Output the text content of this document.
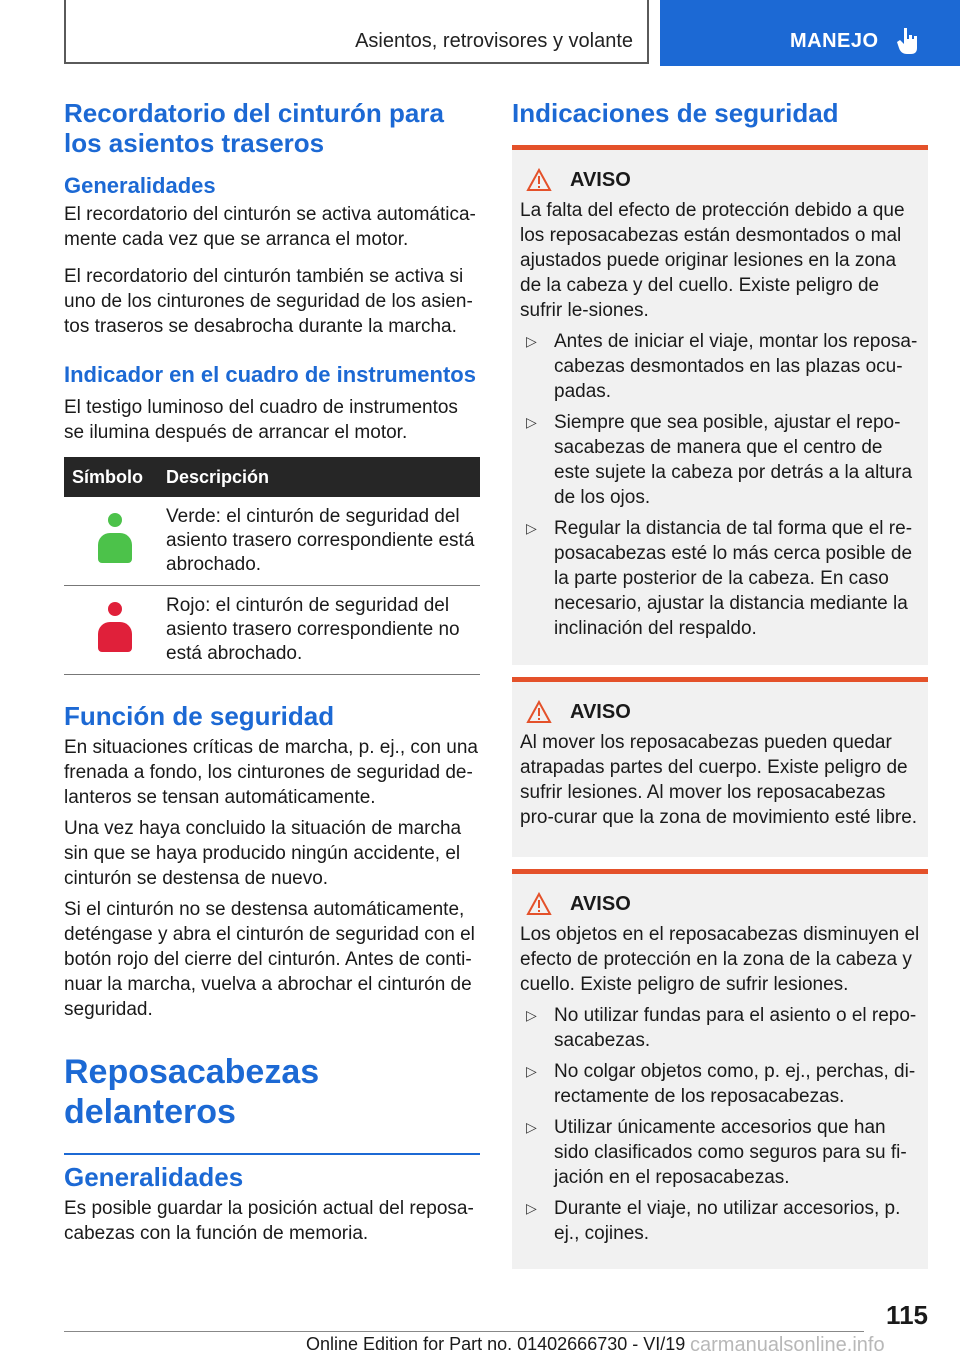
Asientos, retrovisores y volante	MANEJO
Recordatorio del cinturón para los asientos traseros
Generalidades

El recordatorio del cinturón se activa automática-mente cada vez que se arranca el motor.

El recordatorio del cinturón también se activa si uno de los cinturones de seguridad de los asien-tos traseros se desabrocha durante la marcha.

Indicador en el cuadro de instrumentos

El testigo luminoso del cuadro de instrumentos se ilumina después de arrancar el motor.

Símbolo	Descripción

	Verde: el cinturón de seguridad del asiento trasero correspondiente está abrochado.

	Rojo: el cinturón de seguridad del asiento trasero correspondiente no está abrochado.
Función de seguridad

En situaciones críticas de marcha, p. ej., con una frenada a fondo, los cinturones de seguridad de-lanteros se tensan automáticamente.

Una vez haya concluido la situación de marcha sin que se haya producido ningún accidente, el cinturón se destensa de nuevo.

Si el cinturón no se destensa automáticamente, deténgase y abra el cinturón de seguridad con el botón rojo del cierre del cinturón. Antes de conti-nuar la marcha, vuelva a abrochar el cinturón de seguridad.

Reposacabezas delanteros
Generalidades

Es posible guardar la posición actual del reposa-cabezas con la función de memoria.

Indicaciones de seguridad
AVISO

La falta del efecto de protección debido a que los reposacabezas están desmontados o mal ajustados puede originar lesiones en la zona de la cabeza y del cuello. Existe peligro de sufrir le-siones.

▷ Antes de iniciar el viaje, montar los reposa-cabezas desmontados en las plazas ocu-padas.
▷ Siempre que sea posible, ajustar el repo-sacabezas de manera que el centro de este sujete la cabeza por detrás a la altura de los ojos.
▷ Regular la distancia de tal forma que el re-posacabezas esté lo más cerca posible de la parte posterior de la cabeza. En caso necesario, ajustar la distancia mediante la inclinación del respaldo.
AVISO

Al mover los reposacabezas pueden quedar atrapadas partes del cuerpo. Existe peligro de sufrir lesiones. Al mover los reposacabezas pro-curar que la zona de movimiento esté libre.

AVISO

Los objetos en el reposacabezas disminuyen el efecto de protección en la zona de la cabeza y cuello. Existe peligro de sufrir lesiones.

▷ No utilizar fundas para el asiento o el repo-sacabezas.
▷ No colgar objetos como, p. ej., perchas, di-rectamente de los reposacabezas.
▷ Utilizar únicamente accesorios que han sido clasificados como seguros para su fi-jación en el reposacabezas.
▷ Durante el viaje, no utilizar accesorios, p. ej., cojines.
115
Online Edition for Part no. 01402666730 - VI/19 carmanualsonline.info
